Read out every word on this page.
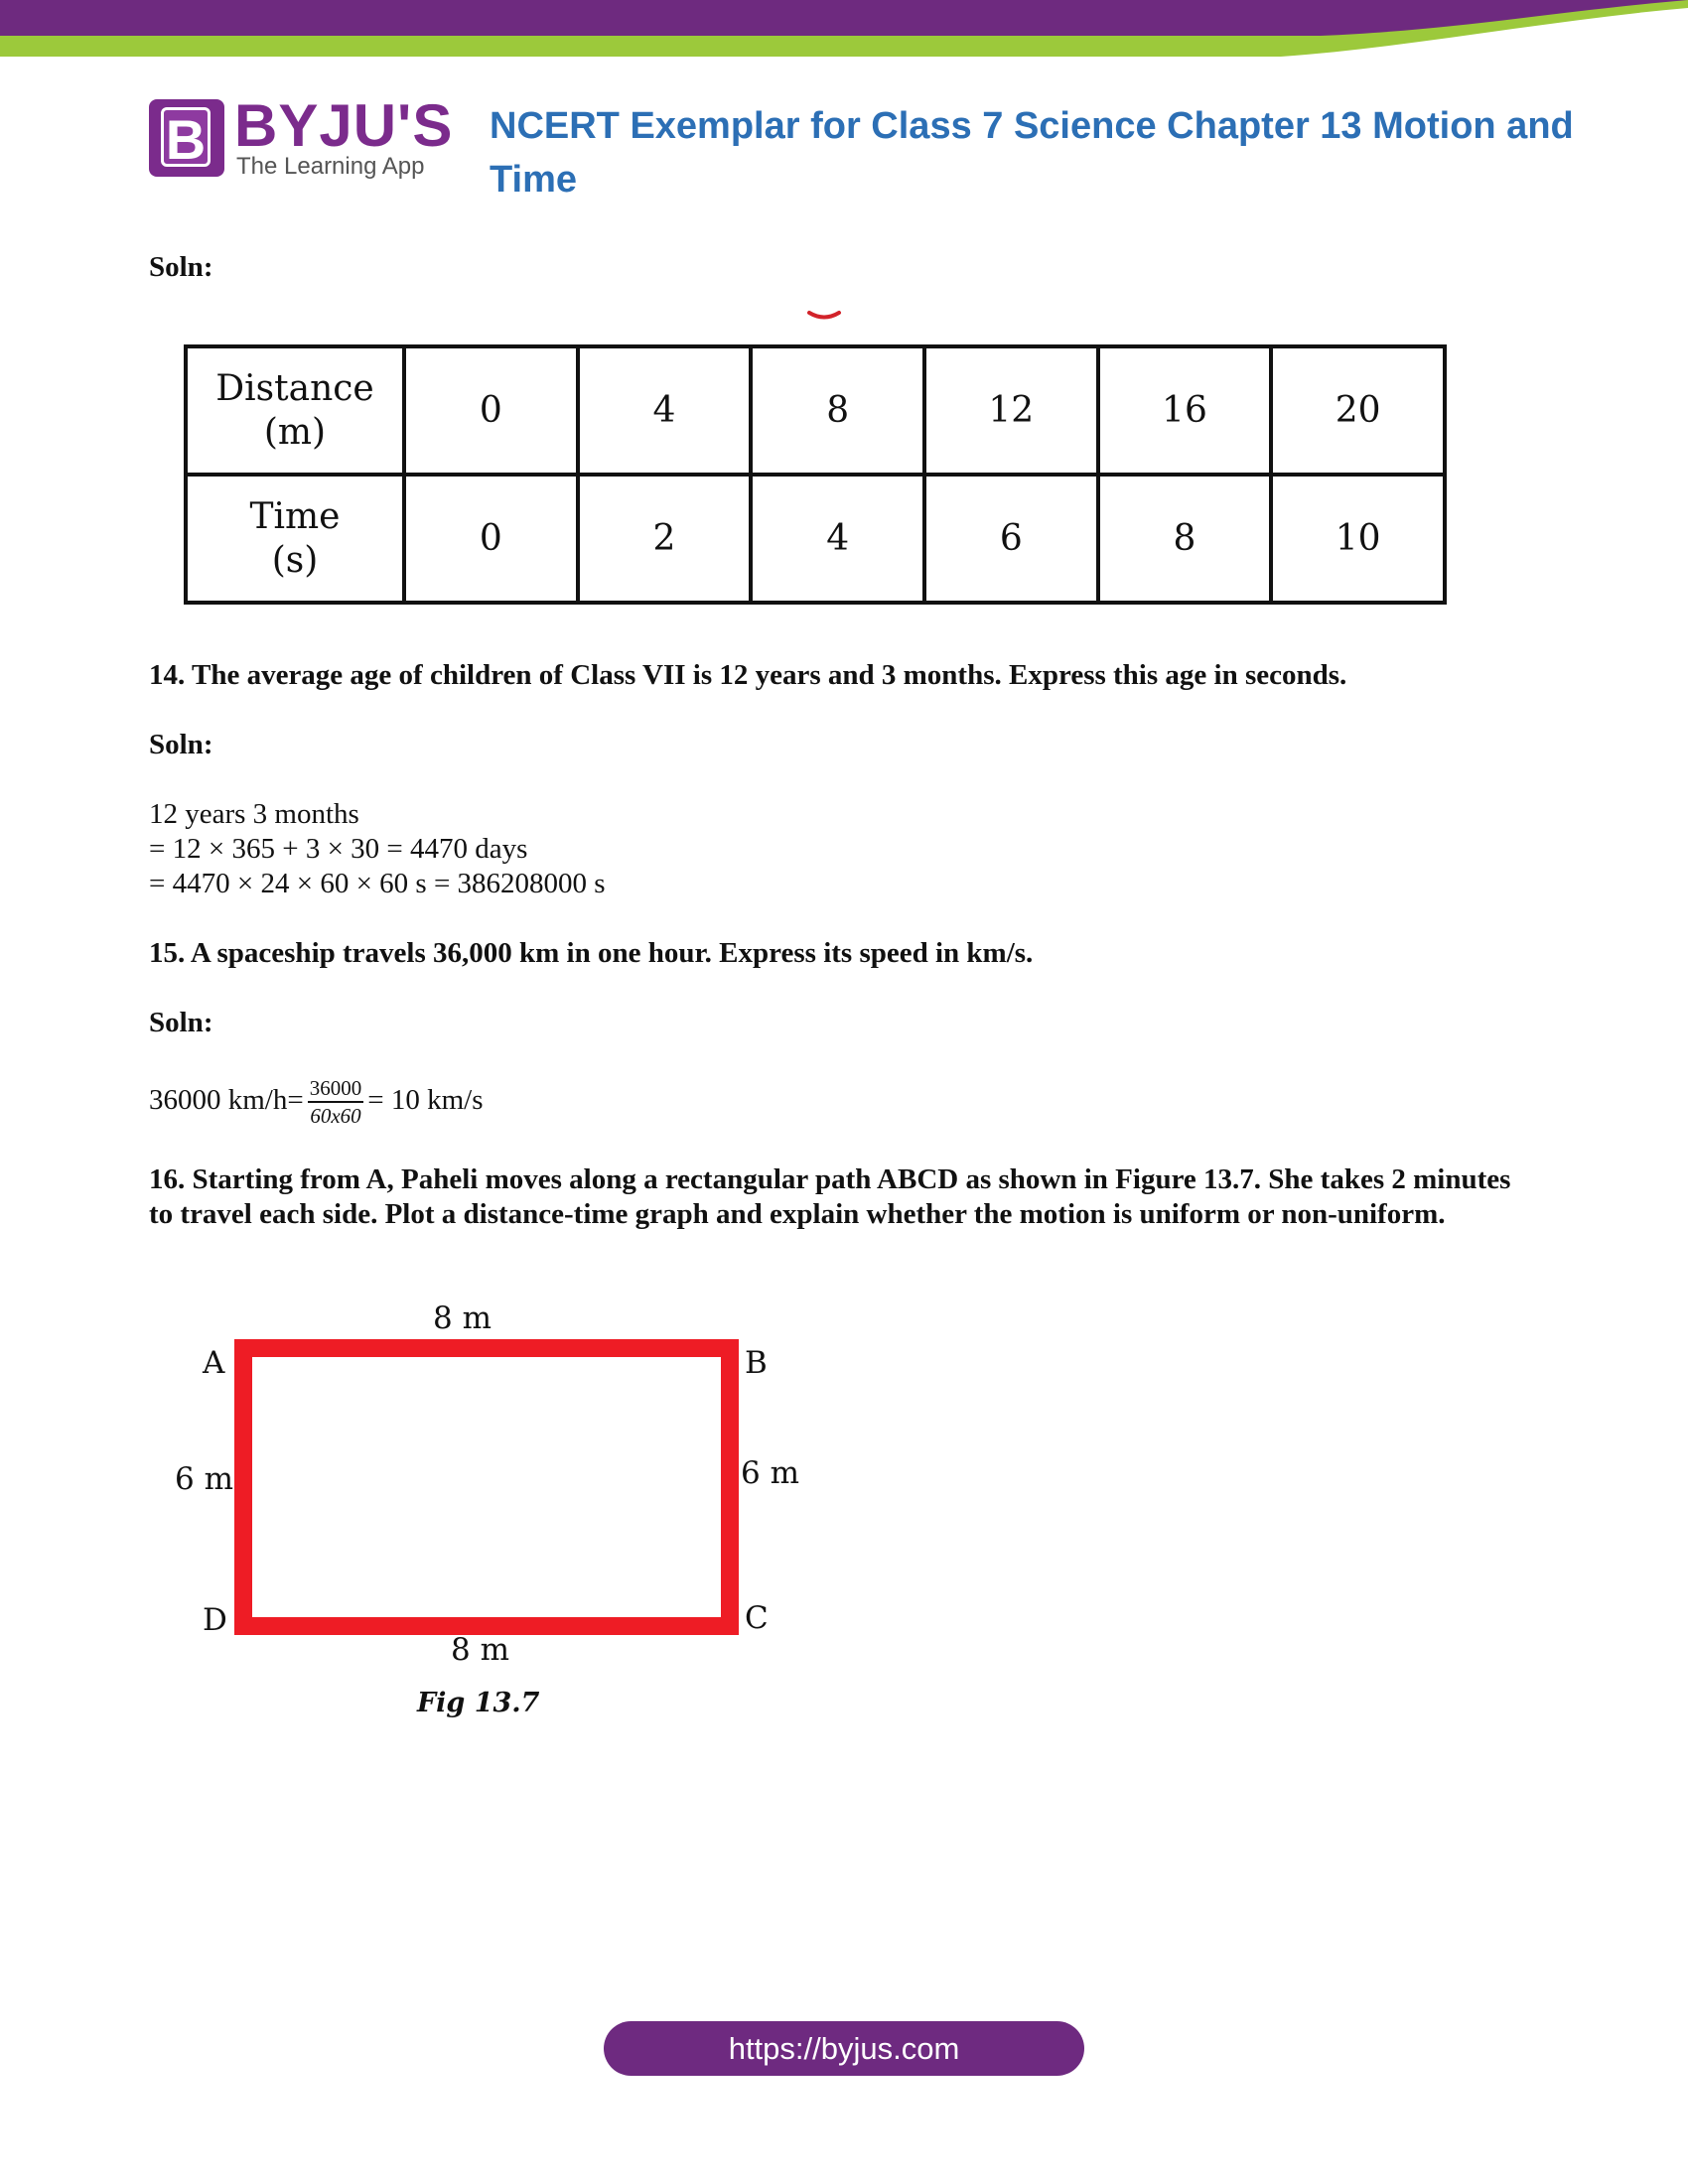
B BYJU'S
The Learning App
NCERT Exemplar for Class 7 Science Chapter 13 Motion and Time
Soln:
Distance
(m)	0	4	8	12	16	20
Time
(s)	0	2	4	6	8	10
14. The average age of children of Class VII is 12 years and 3 months. Express this age in seconds.
Soln:
12 years 3 months
= 12 × 365 + 3 × 30 = 4470 days
= 4470 × 24 × 60 × 60 s = 386208000 s
15. A spaceship travels 36,000 km in one hour. Express its speed in km/s.
Soln:
36000 $km/h= \frac{36000}{60x60} = 10$ km/s
16. Starting from A, Paheli moves along a rectangular path ABCD as shown in Figure 13.7. She takes 2 minutes to travel each side. Plot a distance-time graph and explain whether the motion is uniform or non-uniform.
8 m
A	B
6 m	6 m
D	C
8 m
Fig 13.7
https://byjus.com
